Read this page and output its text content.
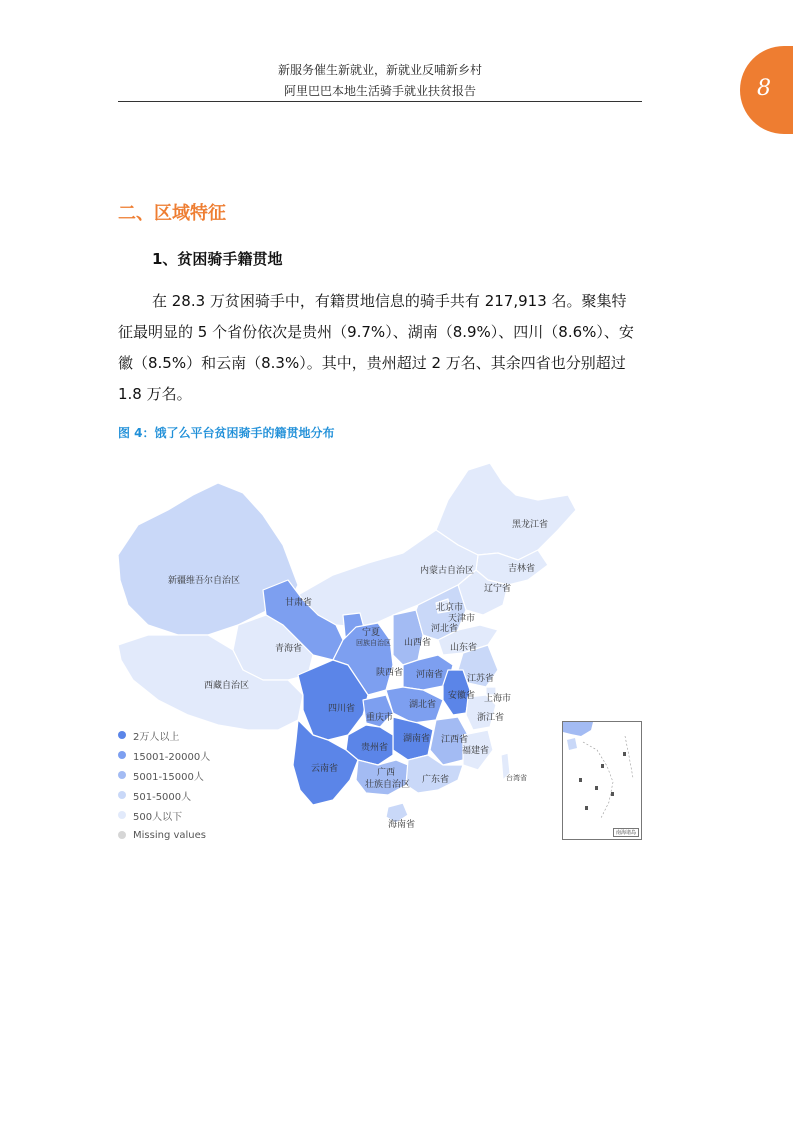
8
新服务催生新就业，新就业反哺新乡村
阿里巴巴本地生活骑手就业扶贫报告
二、区域特征
1、贫困骑手籍贯地
在 28.3 万贫困骑手中，有籍贯地信息的骑手共有 217,913 名。聚集特
征最明显的 5 个省份依次是贵州（9.7%）、湖南（8.9%）、四川（8.6%）、安
徽（8.5%）和云南（8.3%）。其中，贵州超过 2 万名、其余四省也分别超过
1.8 万名。
图 4：饿了么平台贫困骑手的籍贯地分布
黑龙江省
吉林省
辽宁省
内蒙古自治区
新疆维吾尔自治区
甘肃省	北京市
天津市
河北省
宁夏
回族自治区 山西省 山东省
青海省
陕西省 河南省	江苏省
西藏自治区
四川省	湖北省
安徽省 上海市
重庆市	浙江省
湖南省 江西省
贵州省	福建省
云南省	广西
壮族自治区 广东省	台湾省
海南省
2万人以上
15001-20000人
5001-15000人
501-5000人
500人以下
Missing values	南海诸岛
